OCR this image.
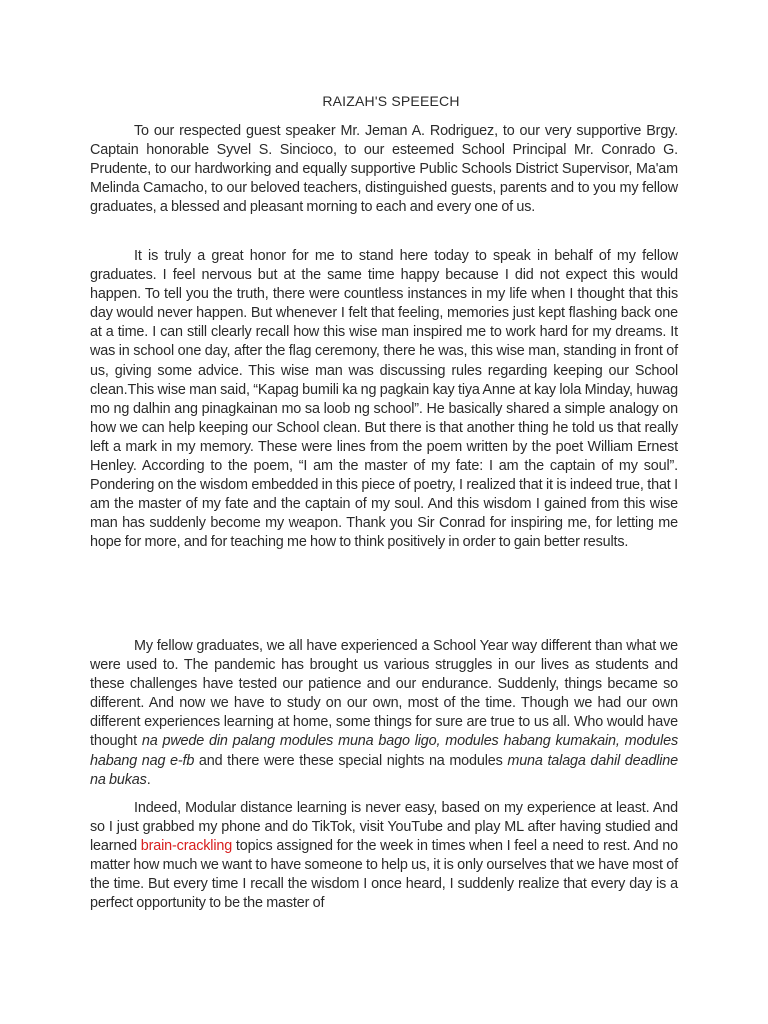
RAIZAH'S SPEEECH

To our respected guest speaker Mr. Jeman A. Rodriguez, to our very supportive Brgy. Captain honorable Syvel S. Sincioco, to our esteemed School Principal Mr. Conrado G. Prudente, to our hardworking and equally supportive Public Schools District Supervisor, Ma'am Melinda Camacho, to our beloved teachers, distinguished guests, parents and to you my fellow graduates, a blessed and pleasant morning to each and every one of us.

It is truly a great honor for me to stand here today to speak in behalf of my fellow graduates. I feel nervous but at the same time happy because I did not expect this would happen. To tell you the truth, there were countless instances in my life when I thought that this day would never happen. But whenever I felt that feeling, memories just kept flashing back one at a time. I can still clearly recall how this wise man inspired me to work hard for my dreams. It was in school one day, after the flag ceremony, there he was, this wise man, standing in front of us, giving some advice. This wise man was discussing rules regarding keeping our School clean.This wise man said, “Kapag bumili ka ng pagkain kay tiya Anne at kay lola Minday, huwag mo ng dalhin ang pinagkainan mo sa loob ng school”. He basically shared a simple analogy on how we can help keeping our School clean. But there is that another thing he told us that really left a mark in my memory. These were lines from the poem written by the poet William Ernest Henley. According to the poem, “I am the master of my fate: I am the captain of my soul”. Pondering on the wisdom embedded in this piece of poetry, I realized that it is indeed true, that I am the master of my fate and the captain of my soul. And this wisdom I gained from this wise man has suddenly become my weapon. Thank you Sir Conrad for inspiring me, for letting me hope for more, and for teaching me how to think positively in order to gain better results.

My fellow graduates, we all have experienced a School Year way different than what we were used to. The pandemic has brought us various struggles in our lives as students and these challenges have tested our patience and our endurance. Suddenly, things became so different. And now we have to study on our own, most of the time. Though we had our own different experiences learning at home, some things for sure are true to us all. Who would have thought na pwede din palang modules muna bago ligo, modules habang kumakain, modules habang nag e-fb and there were these special nights na modules muna talaga dahil deadline na bukas.

Indeed, Modular distance learning is never easy, based on my experience at least. And so I just grabbed my phone and do TikTok, visit YouTube and play ML after having studied and learned brain-crackling topics assigned for the week in times when I feel a need to rest. And no matter how much we want to have someone to help us, it is only ourselves that we have most of the time. But every time I recall the wisdom I once heard, I suddenly realize that every day is a perfect opportunity to be the master of
